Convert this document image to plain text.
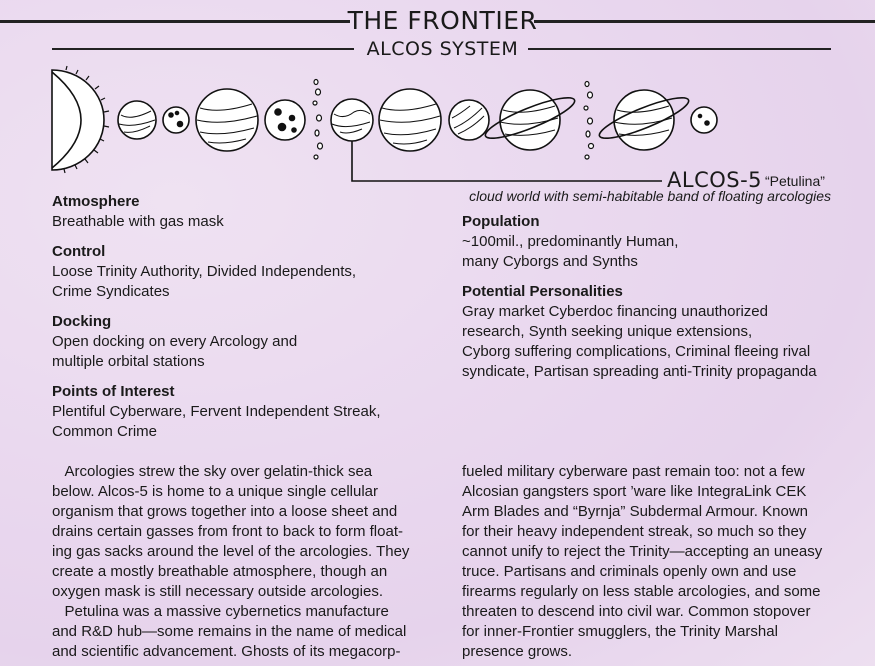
THE FRONTIER
ALCOS SYSTEM
ALCOS-5 “Petulina”
cloud world with semi-habitable band of floating arcologies
Atmosphere

Breathable with gas mask

Control

Loose Trinity Authority, Divided Independents,

Crime Syndicates

Docking

Open docking on every Arcology and

multiple orbital stations

Points of Interest

Plentiful Cyberware, Fervent Independent Streak,

Common Crime

Population

~100mil., predominantly Human,

many Cyborgs and Synths

Potential Personalities

Gray market Cyberdoc financing unauthorized

research, Synth seeking unique extensions,

Cyborg suffering complications, Criminal fleeing rival

syndicate, Partisan spreading anti-Trinity propaganda

Arcologies strew the sky over gelatin-thick sea

below. Alcos-5 is home to a unique single cellular

organism that grows together into a loose sheet and

drains certain gasses from front to back to form float-

ing gas sacks around the level of the arcologies. They

create a mostly breathable atmosphere, though an

oxygen mask is still necessary outside arcologies.

Petulina was a massive cybernetics manufacture

and R&D hub—some remains in the name of medical

and scientific advancement. Ghosts of its megacorp-

fueled military cyberware past remain too: not a few

Alcosian gangsters sport ’ware like IntegraLink CEK

Arm Blades and “Byrnja” Subdermal Armour. Known

for their heavy independent streak, so much so they

cannot unify to reject the Trinity—accepting an uneasy

truce. Partisans and criminals openly own and use

firearms regularly on less stable arcologies, and some

threaten to descend into civil war. Common stopover

for inner-Frontier smugglers, the Trinity Marshal

presence grows.
